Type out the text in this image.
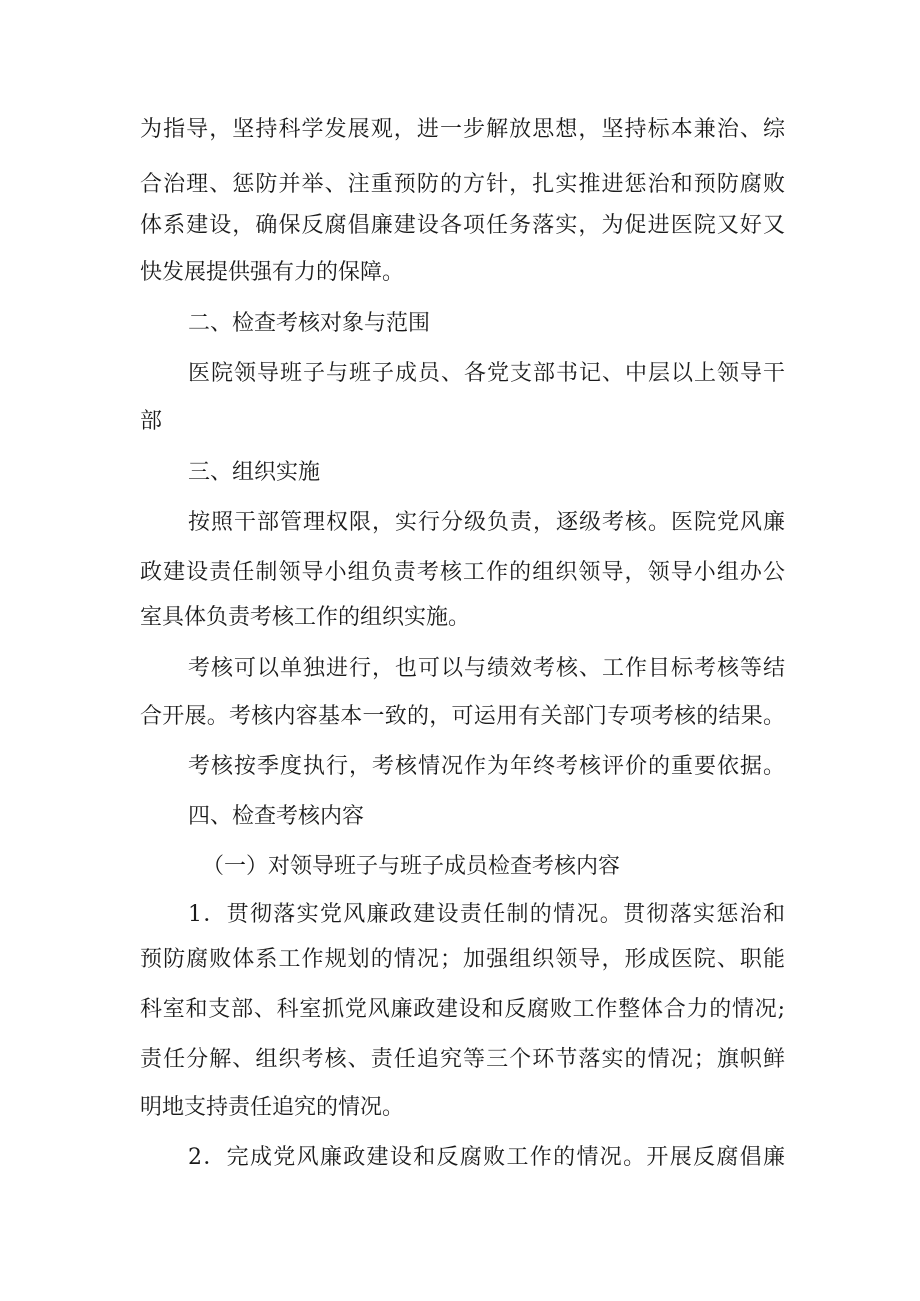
为指导，坚持科学发展观，进一步解放思想，坚持标本兼治、综
合治理、惩防并举、注重预防的方针，扎实推进惩治和预防腐败
体系建设，确保反腐倡廉建设各项任务落实，为促进医院又好又
快发展提供强有力的保障。
二、检查考核对象与范围
医院领导班子与班子成员、各党支部书记、中层以上领导干
部
三、组织实施
按照干部管理权限，实行分级负责，逐级考核。医院党风廉
政建设责任制领导小组负责考核工作的组织领导，领导小组办公
室具体负责考核工作的组织实施。
考核可以单独进行，也可以与绩效考核、工作目标考核等结
合开展。考核内容基本一致的，可运用有关部门专项考核的结果。
考核按季度执行，考核情况作为年终考核评价的重要依据。
四、检查考核内容
（一）对领导班子与班子成员检查考核内容
1．贯彻落实党风廉政建设责任制的情况。贯彻落实惩治和
预防腐败体系工作规划的情况；加强组织领导，形成医院、职能
科室和支部、科室抓党风廉政建设和反腐败工作整体合力的情况;
责任分解、组织考核、责任追究等三个环节落实的情况；旗帜鲜
明地支持责任追究的情况。
2．完成党风廉政建设和反腐败工作的情况。开展反腐倡廉
